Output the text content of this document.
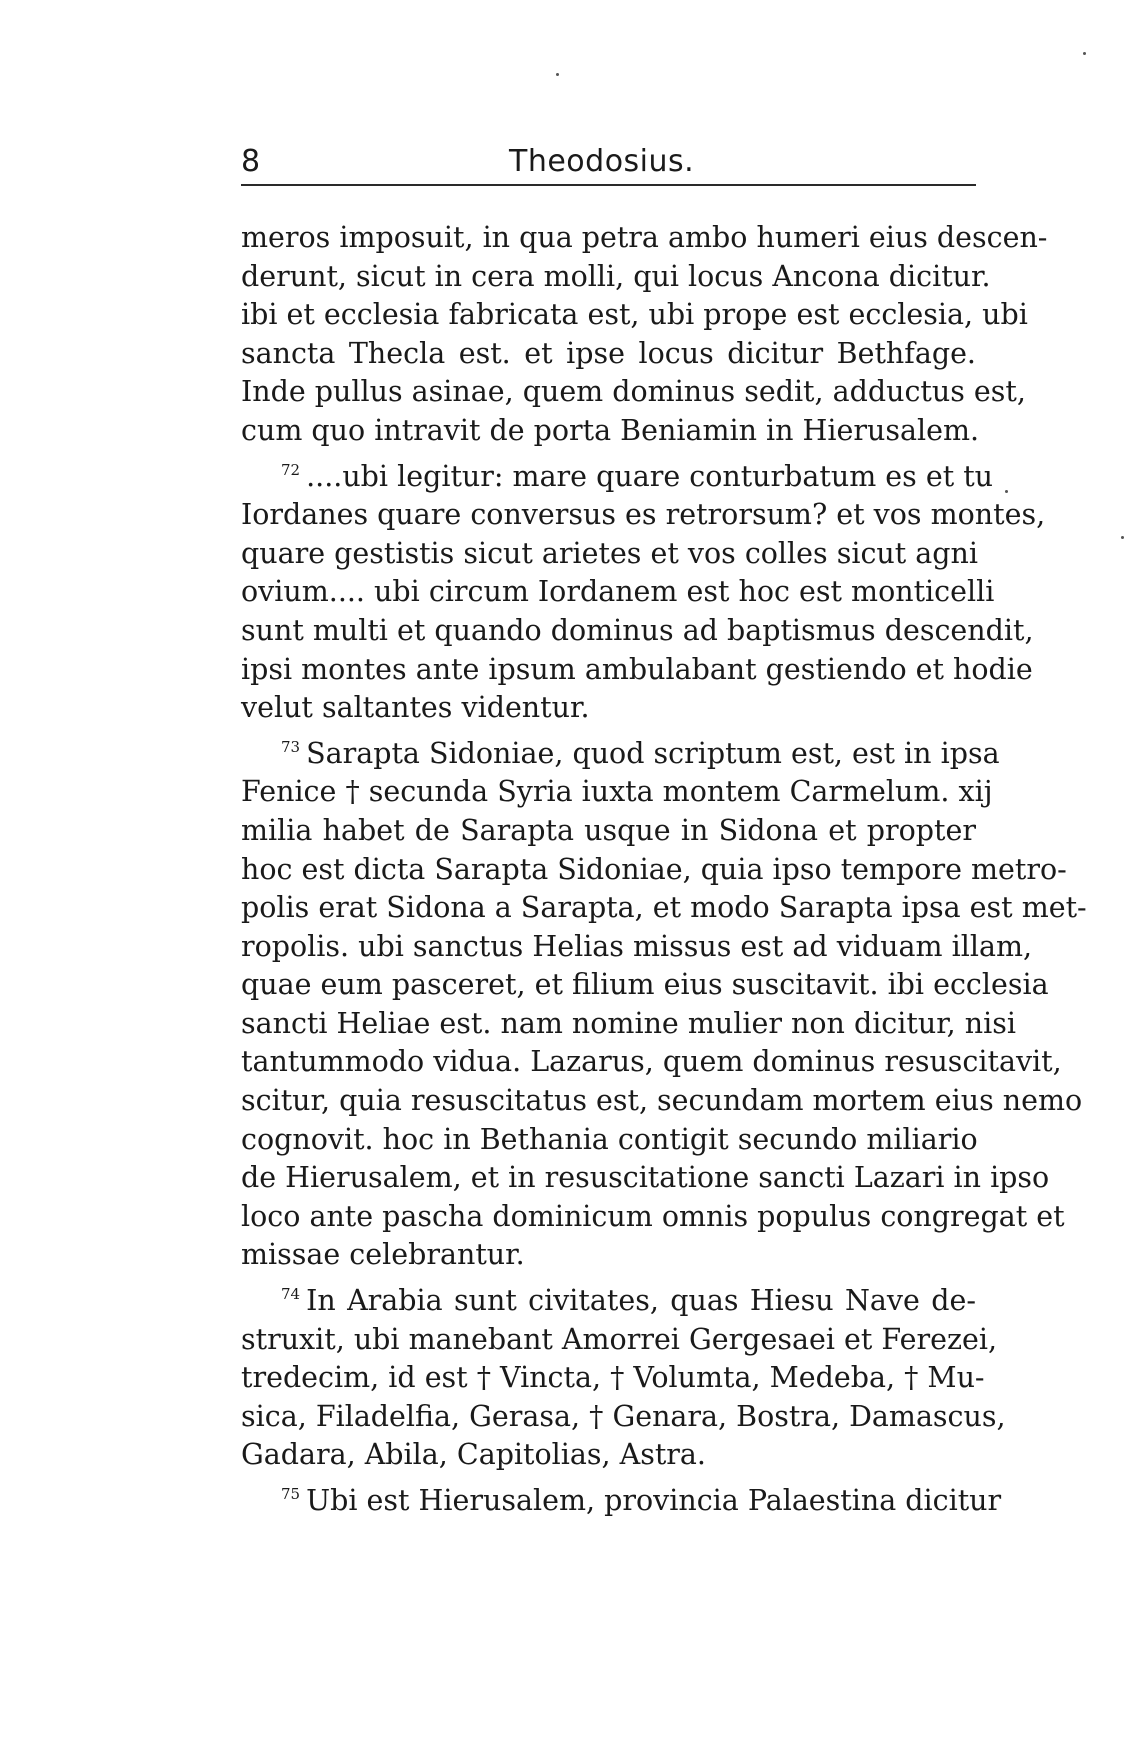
8	Theodosius.
meros imposuit, in qua petra ambo humeri eius descen-
derunt, sicut in cera molli, qui locus Ancona dicitur.
ibi et ecclesia fabricata est, ubi prope est ecclesia, ubi
sancta Thecla est. et ipse locus dicitur Bethfage.
Inde pullus asinae, quem dominus sedit, adductus est,
cum quo intravit de porta Beniamin in Hierusalem.
$^{72}$ ....ubi legitur: mare quare conturbatum es et tu
Iordanes quare conversus es retrorsum? et vos montes,
quare gestistis sicut arietes et vos colles sicut agni
ovium.... ubi circum Iordanem est hoc est monticelli
sunt multi et quando dominus ad baptismus descendit,
ipsi montes ante ipsum ambulabant gestiendo et hodie
velut saltantes videntur.
$^{73}$ Sarapta Sidoniae, quod scriptum est, est in ipsa
Fenice † secunda Syria iuxta montem Carmelum. xij
milia habet de Sarapta usque in Sidona et propter
hoc est dicta Sarapta Sidoniae, quia ipso tempore metro-
polis erat Sidona a Sarapta, et modo Sarapta ipsa est met-
ropolis. ubi sanctus Helias missus est ad viduam illam,
quae eum pasceret, et filium eius suscitavit. ibi ecclesia
sancti Heliae est. nam nomine mulier non dicitur, nisi
tantummodo vidua. Lazarus, quem dominus resuscitavit,
scitur, quia resuscitatus est, secundam mortem eius nemo
cognovit. hoc in Bethania contigit secundo miliario
de Hierusalem, et in resuscitatione sancti Lazari in ipso
loco ante pascha dominicum omnis populus congregat et
missae celebrantur.
$^{74}$ In Arabia sunt civitates, quas Hiesu Nave de-
struxit, ubi manebant Amorrei Gergesaei et Ferezei,
tredecim, id est † Vincta, † Volumta, Medeba, † Mu-
sica, Filadelfia, Gerasa, † Genara, Bostra, Damascus,
Gadara, Abila, Capitolias, Astra.
$^{75}$ Ubi est Hierusalem, provincia Palaestina dicitur
